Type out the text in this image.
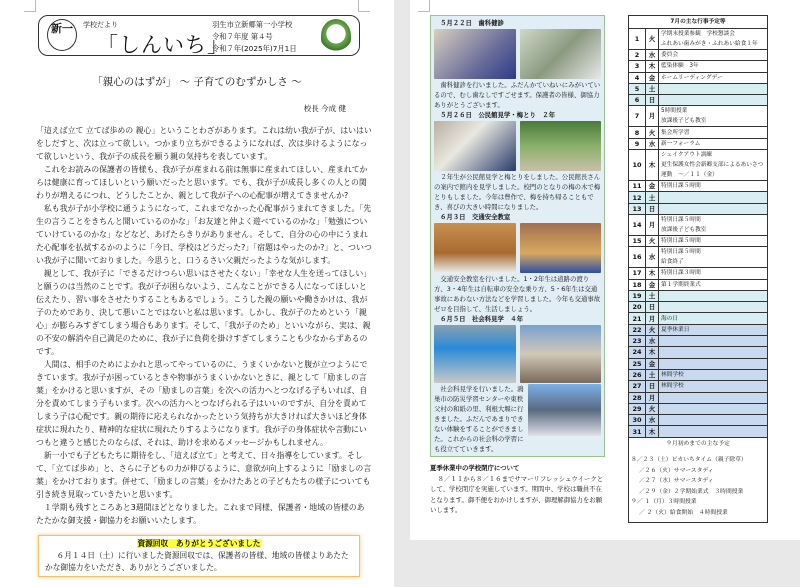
新一	学校だより
「しんいち」
羽生市立新郷第一小学校
令和７年度 第４号
令和７年(2025年)7月1日
「親心のはずが」 ～ 子育てのむずかしさ ～
校長 今成 健

「這えば立て 立てば歩めの 親心」ということわざがあります。これは幼い我が子が、はいはいをしだすと、次は立って欲しい。つかまり立ちができるようになれば、次は歩けるようになって欲しいという、我が子の成長を願う親の気持ちを表しています。

これをお読みの保護者の皆様も、我が子が産まれる前は無事に産まれてほしい、産まれてからは健康に育ってほしいという願いだったと思います。でも、我が子が成長し多くの人との関わりが増えるにつれ、どうしたことか、親として我が子への心配事が増えてきませんか?

私も我が子が小学校に通うようになって、これまでなかった心配事がうまれてきました。「先生の言うことをきちんと聞いているのかな」「お友達と仲よく遊べているのかな」「勉強についていけているのかな」などなど、あげたらきりがありません。そして、自分の心の中にうまれた心配事を払拭するかのように「今日、学校はどうだった?」「宿題はやったのか?」と、ついつい我が子に聞いておりました。今思うと、口うるさい父親だったような気がします。

親として、我が子に「できるだけつらい思いはさせたくない」「幸せな人生を送ってほしい」と願うのは当然のことです。我が子が困らないよう、こんなことができる人になってほしいと伝えたり、習い事をさせたりすることもあるでしょう。こうした親の願いや働きかけは、我が子のためであり、決して悪いことではないと私は思います。しかし、我が子のためという「親心」が膨らみすぎてしまう場合もあります。そして、「我が子のため」といいながら、実は、親の不安の解消や自己満足のために、我が子に負荷を掛けすぎてしまうことも少なからずあるのです。

人間は、相手のためによかれと思ってやっているのに、うまくいかないと腹が立つようにできています。我が子が困っているときや物事がうまくいかないときに、親として「励ましの言葉」をかけると思いますが、その「励ましの言葉」を次への活力へとつなげる子もいれば、自分を責めてしまう子もいます。次への活力へとつなげられる子はいいのですが、自分を責めてしまう子は心配です。親の期待に応えられなかったという気持ちが大きければ大きいほど身体症状に現れたり、精神的な症状に現れたりするようになります。我が子の身体症状や言動にいつもと違うと感じたのならば、それは、助けを求めるメッセージかもしれません。

新一小でも子どもたちに期待をし、「這えば立て」と考えて、日々指導をしています。そして、「立てば歩め」と、さらに子どもの力が伸びるように、意欲が向上するように「励ましの言葉」をかけております。併せて、「励ましの言葉」をかけたあとの子どもたちの様子についても引き続き見取っていきたいと思います。

１学期も残すところあと3週間ほどとなりました。これまで同様、保護者・地域の皆様のあたたかな御支援・御協力をお願いいたします。

資源回収　ありがとうございました
６月１４日（土）に行いました資源回収では、保護者の皆様、地域の皆様よりあたたかな御協力をいただき、ありがとうございました。
５月２２日　歯科健診
歯科健診を行いました。ふだんかていねいにみがいているので、むし歯なしですごせます。保護者の皆様、御協力ありがとうございます。
５月２６日　公民館見学・梅とり　２年
２年生が公民館見学と梅とりをしました。公民館長さんの案内で館内を見学しました。校門のとなりの梅の木で梅とりもしました。今年は豊作で、梅を持ち帰ることもでき、喜びの大きい時間になりました。
６月３日　交通安全教室
交通安全教室を行いました。1・2年生は道路の渡り方、3・4年生は自転車の安全な乗り方、5・6年生は交通事故にあわない方法などを学習しました。今年も交通事故ゼロを目指して、生活しましょう。
６月５日　社会科見学　４年
社会科見学を行いました。鴻巣市の防災学習センターや東秩父村の和紙の里、利根大堰に行きました。ふだんであまりできない体験をすることができました。これからの社会科の学習にも役立てていきます。
夏季休業中の学校閉庁について

８／１１から８／１６までサマーリフレッシュウイークとして、学校閉庁を実施しています。期間中、学校は職員不在となります。御不便をおかけしますが、御理解御協力をお願いします。

7月の主な行事予定等		
1	火	学期末授業参観　学校懇談会
ふれあい歯みがき・ふれあい給食１年
2	水	委員会
3	木	藍染体験　3年
4	金	ホームリーディングデー
5	土	
6	日	
7	月	5時間授業
放課後子ども教室
8	火	集会所学習
9	水	新一フォーラム
10	木	シェイクアウト訓練
更生保護女性会新郷支部によるあいさつ運動　～／１１（金）
11	金	特別日課５時間
12	土	
13	日	
14	月	特別日課５時間
放課後子ども教室
15	火	特別日課５時間
16	水	特別日課５時間
給食終了
17	木	特別日課３時間
18	金	第１学期終業式
19	土	
20	日	
21	月	海の日
22	火	夏季休業日
23	水	
24	木	
25	金	
26	土	林間学校
27	日	林間学校
28	月	
29	火	
30	水	
31	木	
９月初めまでの主な予定
８／２３（土）ピカいちタイム（親子除草）
／２６（火）サマースタディ
／２７（水）サマースタディ
／２９（金）２学期始業式　３時間授業
９／ １（月）３時間授業
／ ２（火）給食開始　４時間授業
